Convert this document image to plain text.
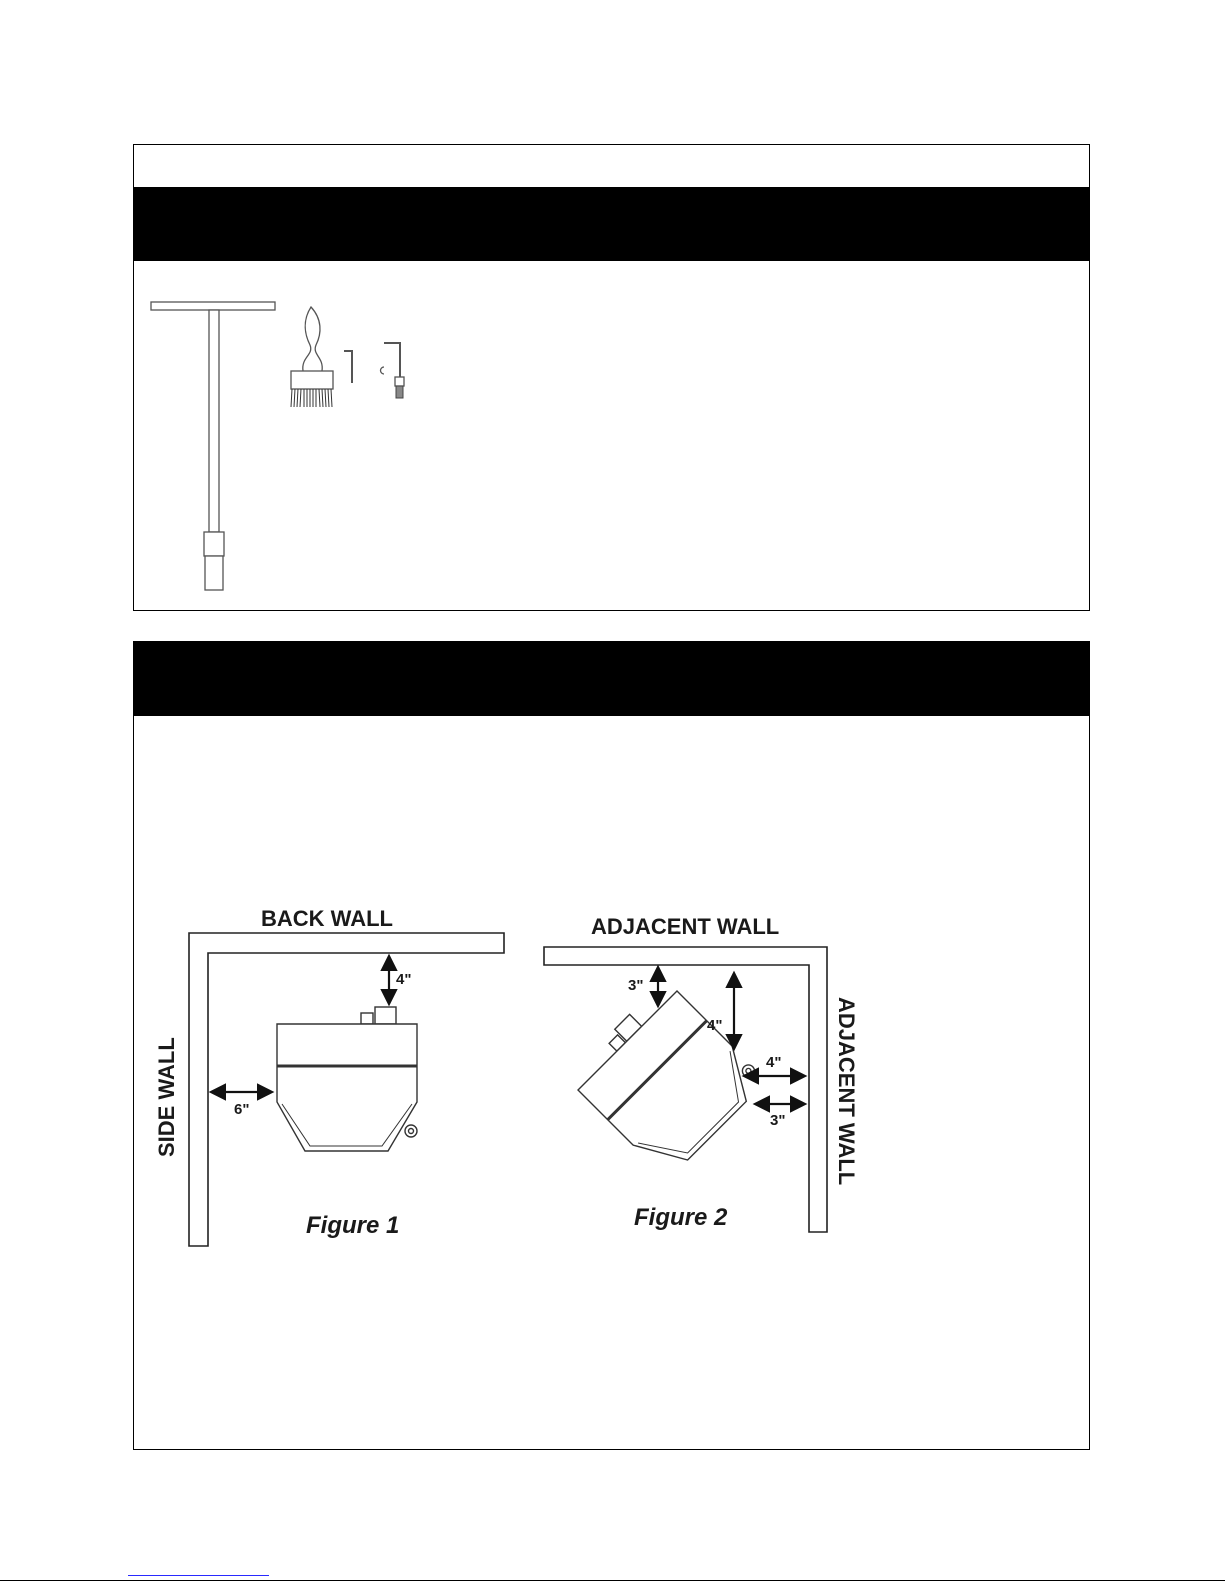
BACK WALL
SIDE WALL
4"
6"
Figure 1
ADJACENT WALL
ADJACENT WALL
3"
4"
4"
3"
Figure 2
